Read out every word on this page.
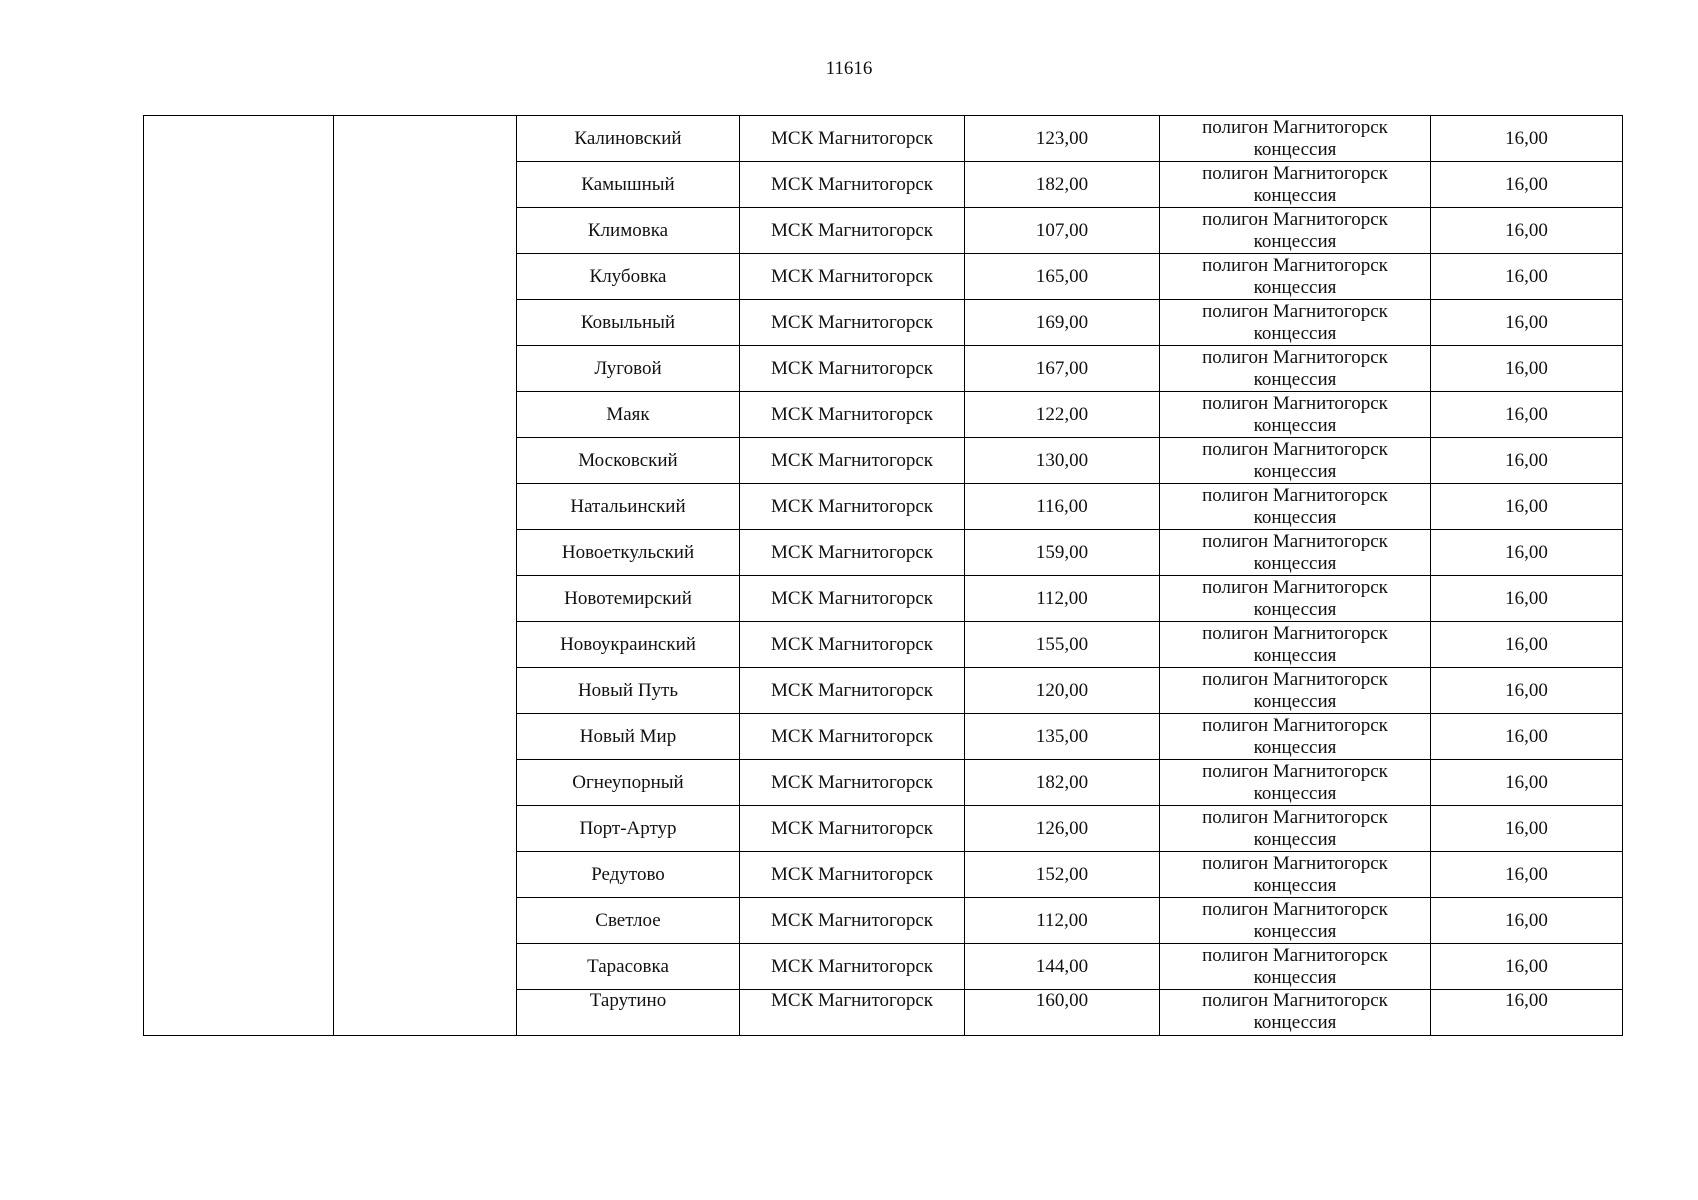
11616
		Калиновский	МСК Магнитогорск	123,00	полигон Магнитогорск концессия	16,00
		Камышный	МСК Магнитогорск	182,00	полигон Магнитогорск концессия	16,00
		Климовка	МСК Магнитогорск	107,00	полигон Магнитогорск концессия	16,00
		Клубовка	МСК Магнитогорск	165,00	полигон Магнитогорск концессия	16,00
		Ковыльный	МСК Магнитогорск	169,00	полигон Магнитогорск концессия	16,00
		Луговой	МСК Магнитогорск	167,00	полигон Магнитогорск концессия	16,00
		Маяк	МСК Магнитогорск	122,00	полигон Магнитогорск концессия	16,00
		Московский	МСК Магнитогорск	130,00	полигон Магнитогорск концессия	16,00
		Натальинский	МСК Магнитогорск	116,00	полигон Магнитогорск концессия	16,00
		Новоеткульский	МСК Магнитогорск	159,00	полигон Магнитогорск концессия	16,00
		Новотемирский	МСК Магнитогорск	112,00	полигон Магнитогорск концессия	16,00
		Новоукраинский	МСК Магнитогорск	155,00	полигон Магнитогорск концессия	16,00
		Новый Путь	МСК Магнитогорск	120,00	полигон Магнитогорск концессия	16,00
		Новый Мир	МСК Магнитогорск	135,00	полигон Магнитогорск концессия	16,00
		Огнеупорный	МСК Магнитогорск	182,00	полигон Магнитогорск концессия	16,00
		Порт-Артур	МСК Магнитогорск	126,00	полигон Магнитогорск концессия	16,00
		Редутово	МСК Магнитогорск	152,00	полигон Магнитогорск концессия	16,00
		Светлое	МСК Магнитогорск	112,00	полигон Магнитогорск концессия	16,00
		Тарасовка	МСК Магнитогорск	144,00	полигон Магнитогорск концессия	16,00
		Тарутино	МСК Магнитогорск	160,00	полигон Магнитогорск концессия	16,00
